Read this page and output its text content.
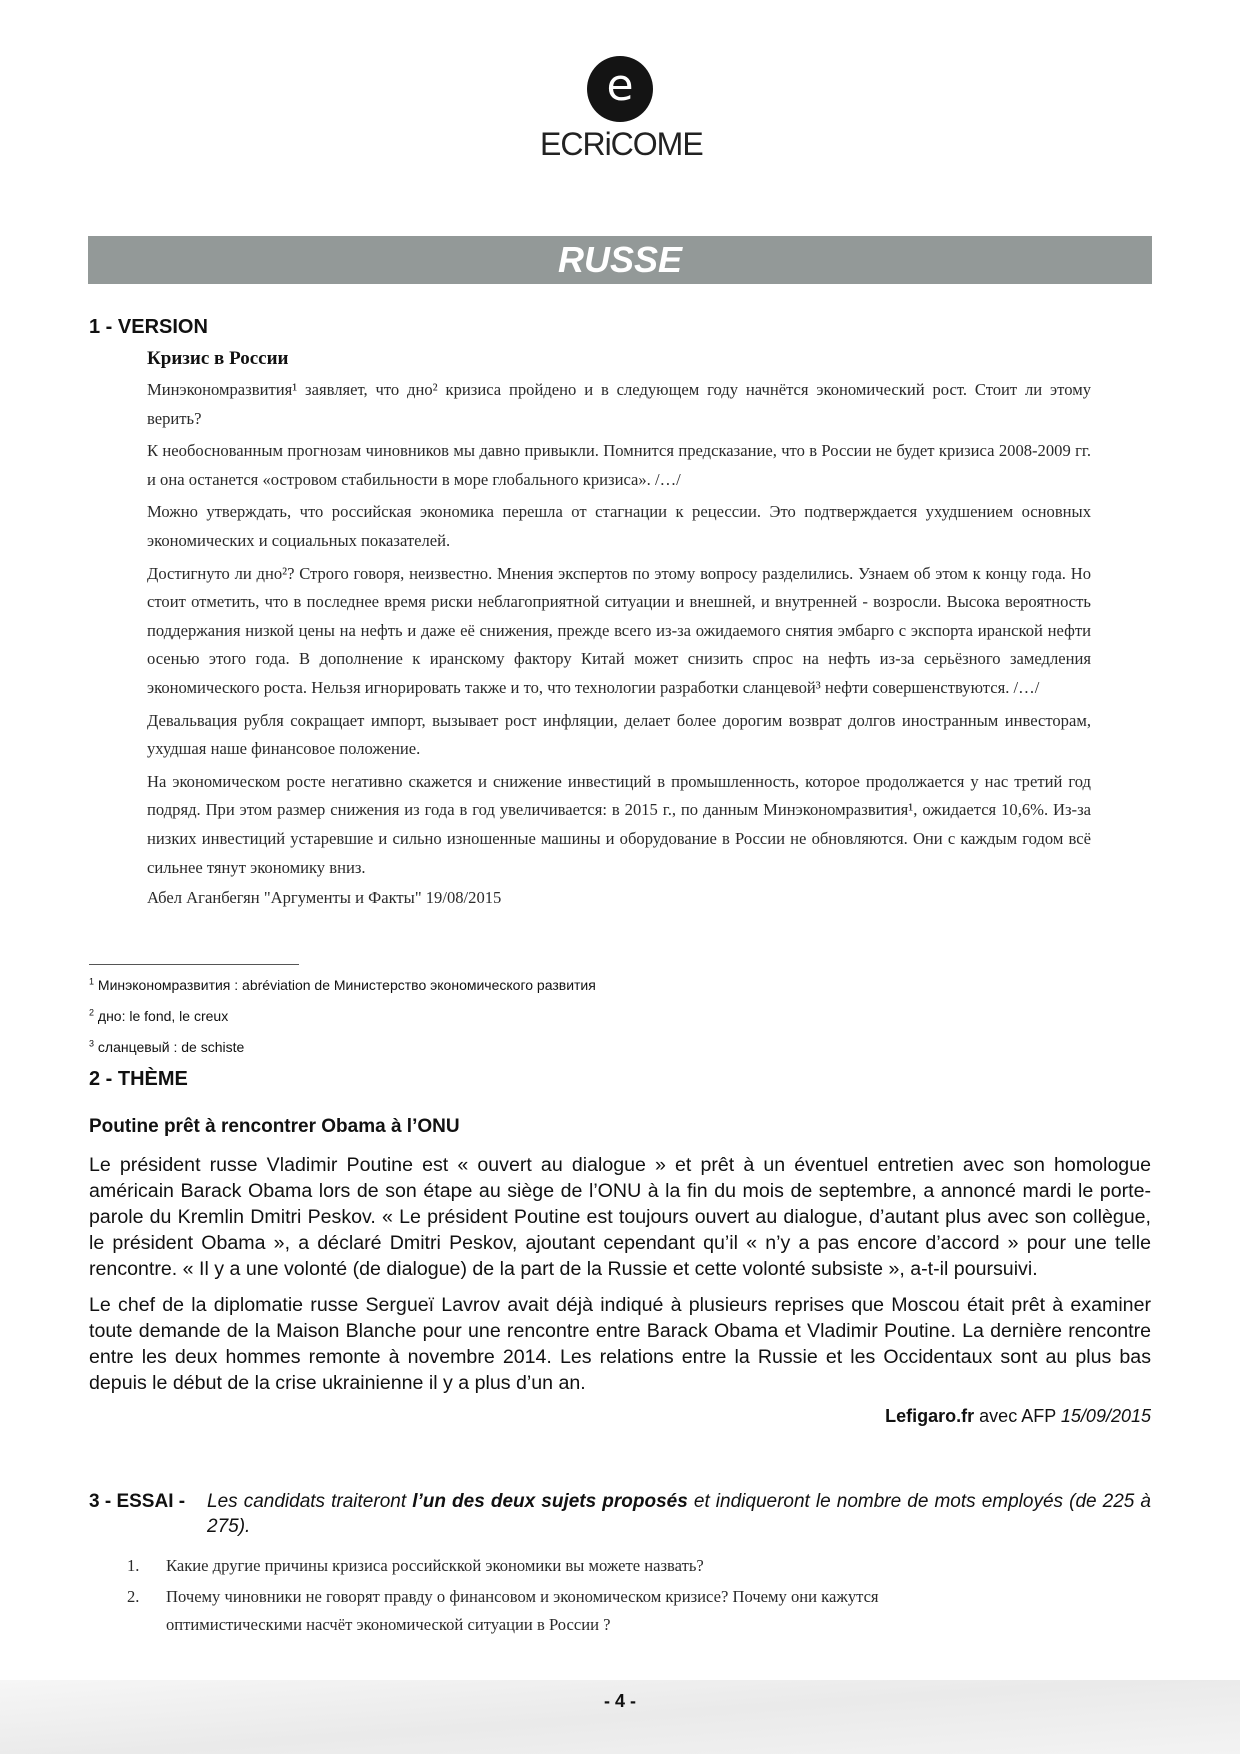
e
ECRiCOME
RUSSE
1 - VERSION
Кризис в России

Минэкономразвития¹ заявляет, что дно² кризиса пройдено и в следующем году начнётся экономический рост. Стоит ли этому верить?

К необоснованным прогнозам чиновников мы давно привыкли. Помнится предсказание, что в России не будет кризиса 2008-2009 гг. и она останется «островом стабильности в море глобального кризиса». /…/

Можно утверждать, что российская экономика перешла от стагнации к рецессии. Это подтверждается ухудшением основных экономических и социальных показателей.

Достигнуто ли дно²? Строго говоря, неизвестно. Мнения экспертов по этому вопросу разделились. Узнаем об этом к концу года. Но стоит отметить, что в последнее время риски неблагоприятной ситуации и внешней, и внутренней - возросли. Высока вероятность поддержания низкой цены на нефть и даже её снижения, прежде всего из-за ожидаемого снятия эмбарго с экспорта иранской нефти осенью этого года. В дополнение к иранскому фактору Китай может снизить спрос на нефть из-за серьёзного замедления экономического роста. Нельзя игнорировать также и то, что технологии разработки сланцевой³ нефти совершенствуются. /…/

Девальвация рубля сокращает импорт, вызывает рост инфляции, делает более дорогим возврат долгов иностранным инвесторам, ухудшая наше финансовое положение.

На экономическом росте негативно скажется и снижение инвестиций в промышленность, которое продолжается у нас третий год подряд. При этом размер снижения из года в год увеличивается: в 2015 г., по данным Минэкономразвития¹, ожидается 10,6%. Из-за низких инвестиций устаревшие и сильно изношенные машины и оборудование в России не обновляются. Они с каждым годом всё сильнее тянут экономику вниз.

Абел Аганбегян "Аргументы и Факты" 19/08/2015

$^1$ Минэкономразвития : abréviation de Министерство экономического развития
$^2$ дно: le fond, le creux
$^3$ сланцевый : de schiste
2 - THÈME
Poutine prêt à rencontrer Obama à l’ONU

Le président russe Vladimir Poutine est « ouvert au dialogue » et prêt à un éventuel entretien avec son homologue américain Barack Obama lors de son étape au siège de l’ONU à la fin du mois de septembre, a annoncé mardi le porte-parole du Kremlin Dmitri Peskov. « Le président Poutine est toujours ouvert au dialogue, d’autant plus avec son collègue, le président Obama », a déclaré Dmitri Peskov, ajoutant cependant qu’il « n’y a pas encore d’accord » pour une telle rencontre. « Il y a une volonté (de dialogue) de la part de la Russie et cette volonté subsiste », a-t-il poursuivi.

Le chef de la diplomatie russe Sergueï Lavrov avait déjà indiqué à plusieurs reprises que Moscou était prêt à examiner toute demande de la Maison Blanche pour une rencontre entre Barack Obama et Vladimir Poutine. La dernière rencontre entre les deux hommes remonte à novembre 2014. Les relations entre la Russie et les Occidentaux sont au plus bas depuis le début de la crise ukrainienne il y a plus d’un an.

Lefigaro.fr avec AFP 15/09/2015
3 - ESSAI - Les candidats traiteront l’un des deux sujets proposés et indiqueront le nombre de mots employés (de 225 à 275).
1. Какие другие причины кризиса российсккой экономики вы можете назвать?
2. Почему чиновники не говорят правду о финансовом и экономическом кризисе? Почему они кажутся оптимистическими насчёт экономической ситуации в России ?
- 4 -
